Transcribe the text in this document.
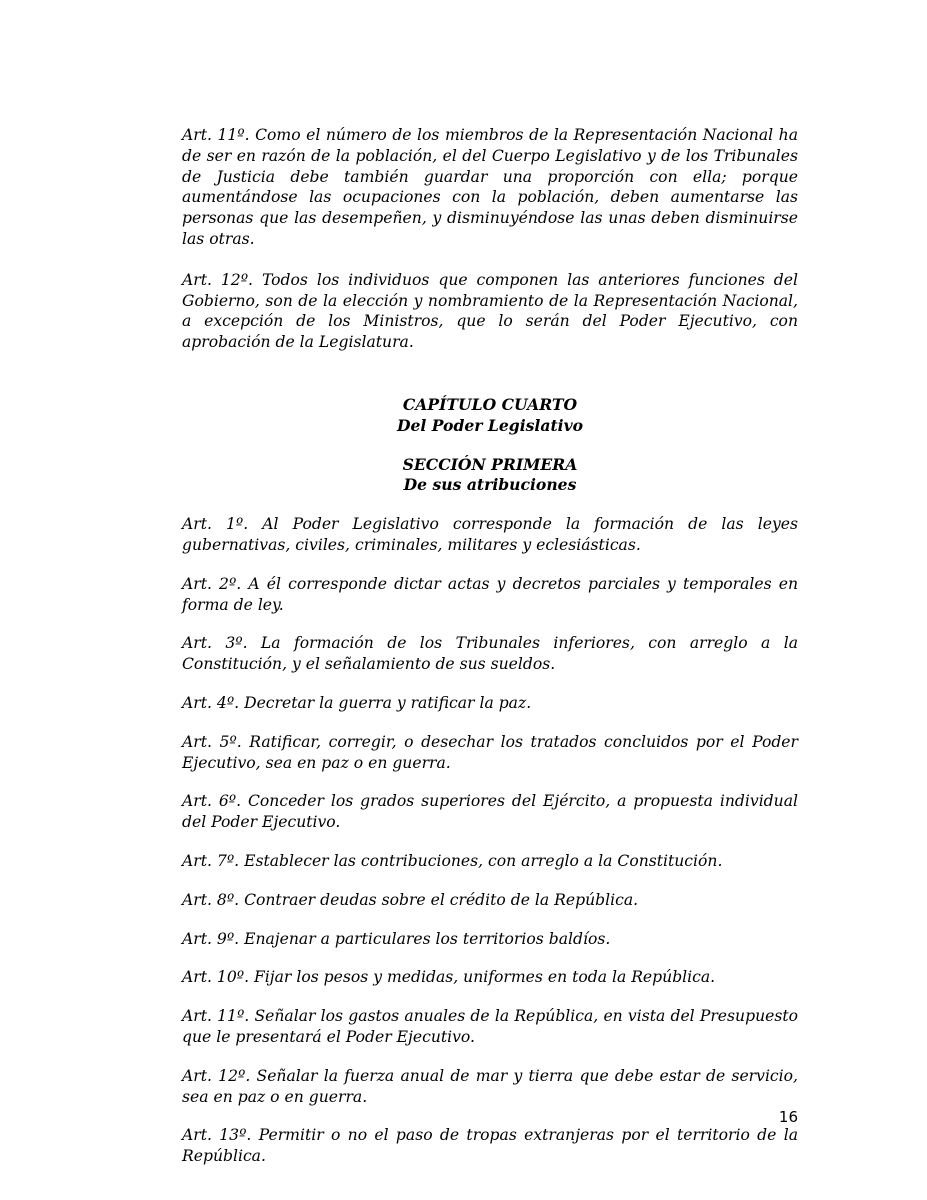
Art. 11º. Como el número de los miembros de la Representación Nacional ha de ser en razón de la población, el del Cuerpo Legislativo y de los Tribunales de Justicia debe también guardar una proporción con ella; porque aumentándose las ocupaciones con la población, deben aumentarse las personas que las desempeñen, y disminuyéndose las unas deben disminuirse las otras.

Art. 12º. Todos los individuos que componen las anteriores funciones del Gobierno, son de la elección y nombramiento de la Representación Nacional, a excepción de los Ministros, que lo serán del Poder Ejecutivo, con aprobación de la Legislatura.

CAPÍTULO CUARTO
Del Poder Legislativo
SECCIÓN PRIMERA
De sus atribuciones

Art. 1º. Al Poder Legislativo corresponde la formación de las leyes gubernativas, civiles, criminales, militares y eclesiásticas.

Art. 2º. A él corresponde dictar actas y decretos parciales y temporales en forma de ley.

Art. 3º. La formación de los Tribunales inferiores, con arreglo a la Constitución, y el señalamiento de sus sueldos.

Art. 4º. Decretar la guerra y ratificar la paz.

Art. 5º. Ratificar, corregir, o desechar los tratados concluidos por el Poder Ejecutivo, sea en paz o en guerra.

Art. 6º. Conceder los grados superiores del Ejército, a propuesta individual del Poder Ejecutivo.

Art. 7º. Establecer las contribuciones, con arreglo a la Constitución.

Art. 8º. Contraer deudas sobre el crédito de la República.

Art. 9º. Enajenar a particulares los territorios baldíos.

Art. 10º. Fijar los pesos y medidas, uniformes en toda la República.

Art. 11º. Señalar los gastos anuales de la República, en vista del Presupuesto que le presentará el Poder Ejecutivo.

Art. 12º. Señalar la fuerza anual de mar y tierra que debe estar de servicio, sea en paz o en guerra.

Art. 13º. Permitir o no el paso de tropas extranjeras por el territorio de la República.

16
